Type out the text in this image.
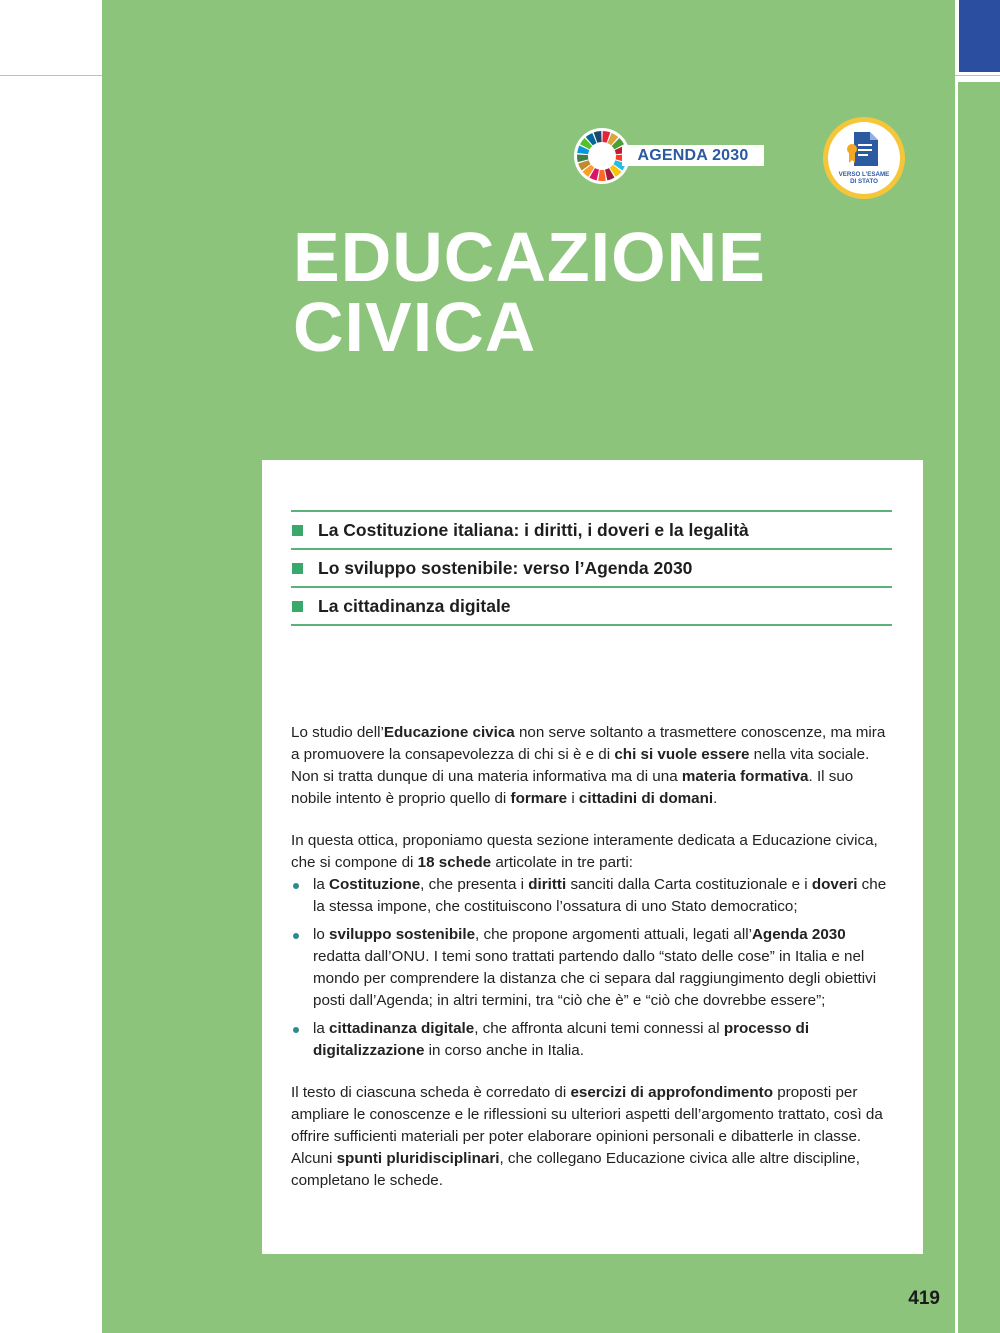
AGENDA 2030
VERSO L'ESAME
DI STATO
EDUCAZIONE
CIVICA
La Costituzione italiana: i diritti, i doveri e la legalità
Lo sviluppo sostenibile: verso l’Agenda 2030
La cittadinanza digitale

Lo studio dell’Educazione civica non serve soltanto a trasmettere conoscenze, ma mira a promuovere la consapevolezza di chi si è e di chi si vuole essere nella vita sociale. Non si tratta dunque di una materia informativa ma di una materia formativa. Il suo nobile intento è proprio quello di formare i cittadini di domani.

In questa ottica, proponiamo questa sezione interamente dedicata a Educazione civica, che si compone di 18 schede articolate in tre parti:

la Costituzione, che presenta i diritti sanciti dalla Carta costituzionale e i doveri che la stessa impone, che costituiscono l’ossatura di uno Stato democratico;
lo sviluppo sostenibile, che propone argomenti attuali, legati all’Agenda 2030 redatta dall’ONU. I temi sono trattati partendo dallo “stato delle cose” in Italia e nel mondo per comprendere la distanza che ci separa dal raggiungimento degli obiettivi posti dall’Agenda; in altri termini, tra “ciò che è” e “ciò che dovrebbe essere”;
la cittadinanza digitale, che affronta alcuni temi connessi al processo di digitalizzazione in corso anche in Italia.

Il testo di ciascuna scheda è corredato di esercizi di approfondimento proposti per ampliare le conoscenze e le riflessioni su ulteriori aspetti dell’argomento trattato, così da offrire sufficienti materiali per poter elaborare opinioni personali e dibatterle in classe. Alcuni spunti pluridisciplinari, che collegano Educazione civica alle altre discipline, completano le schede.

419
